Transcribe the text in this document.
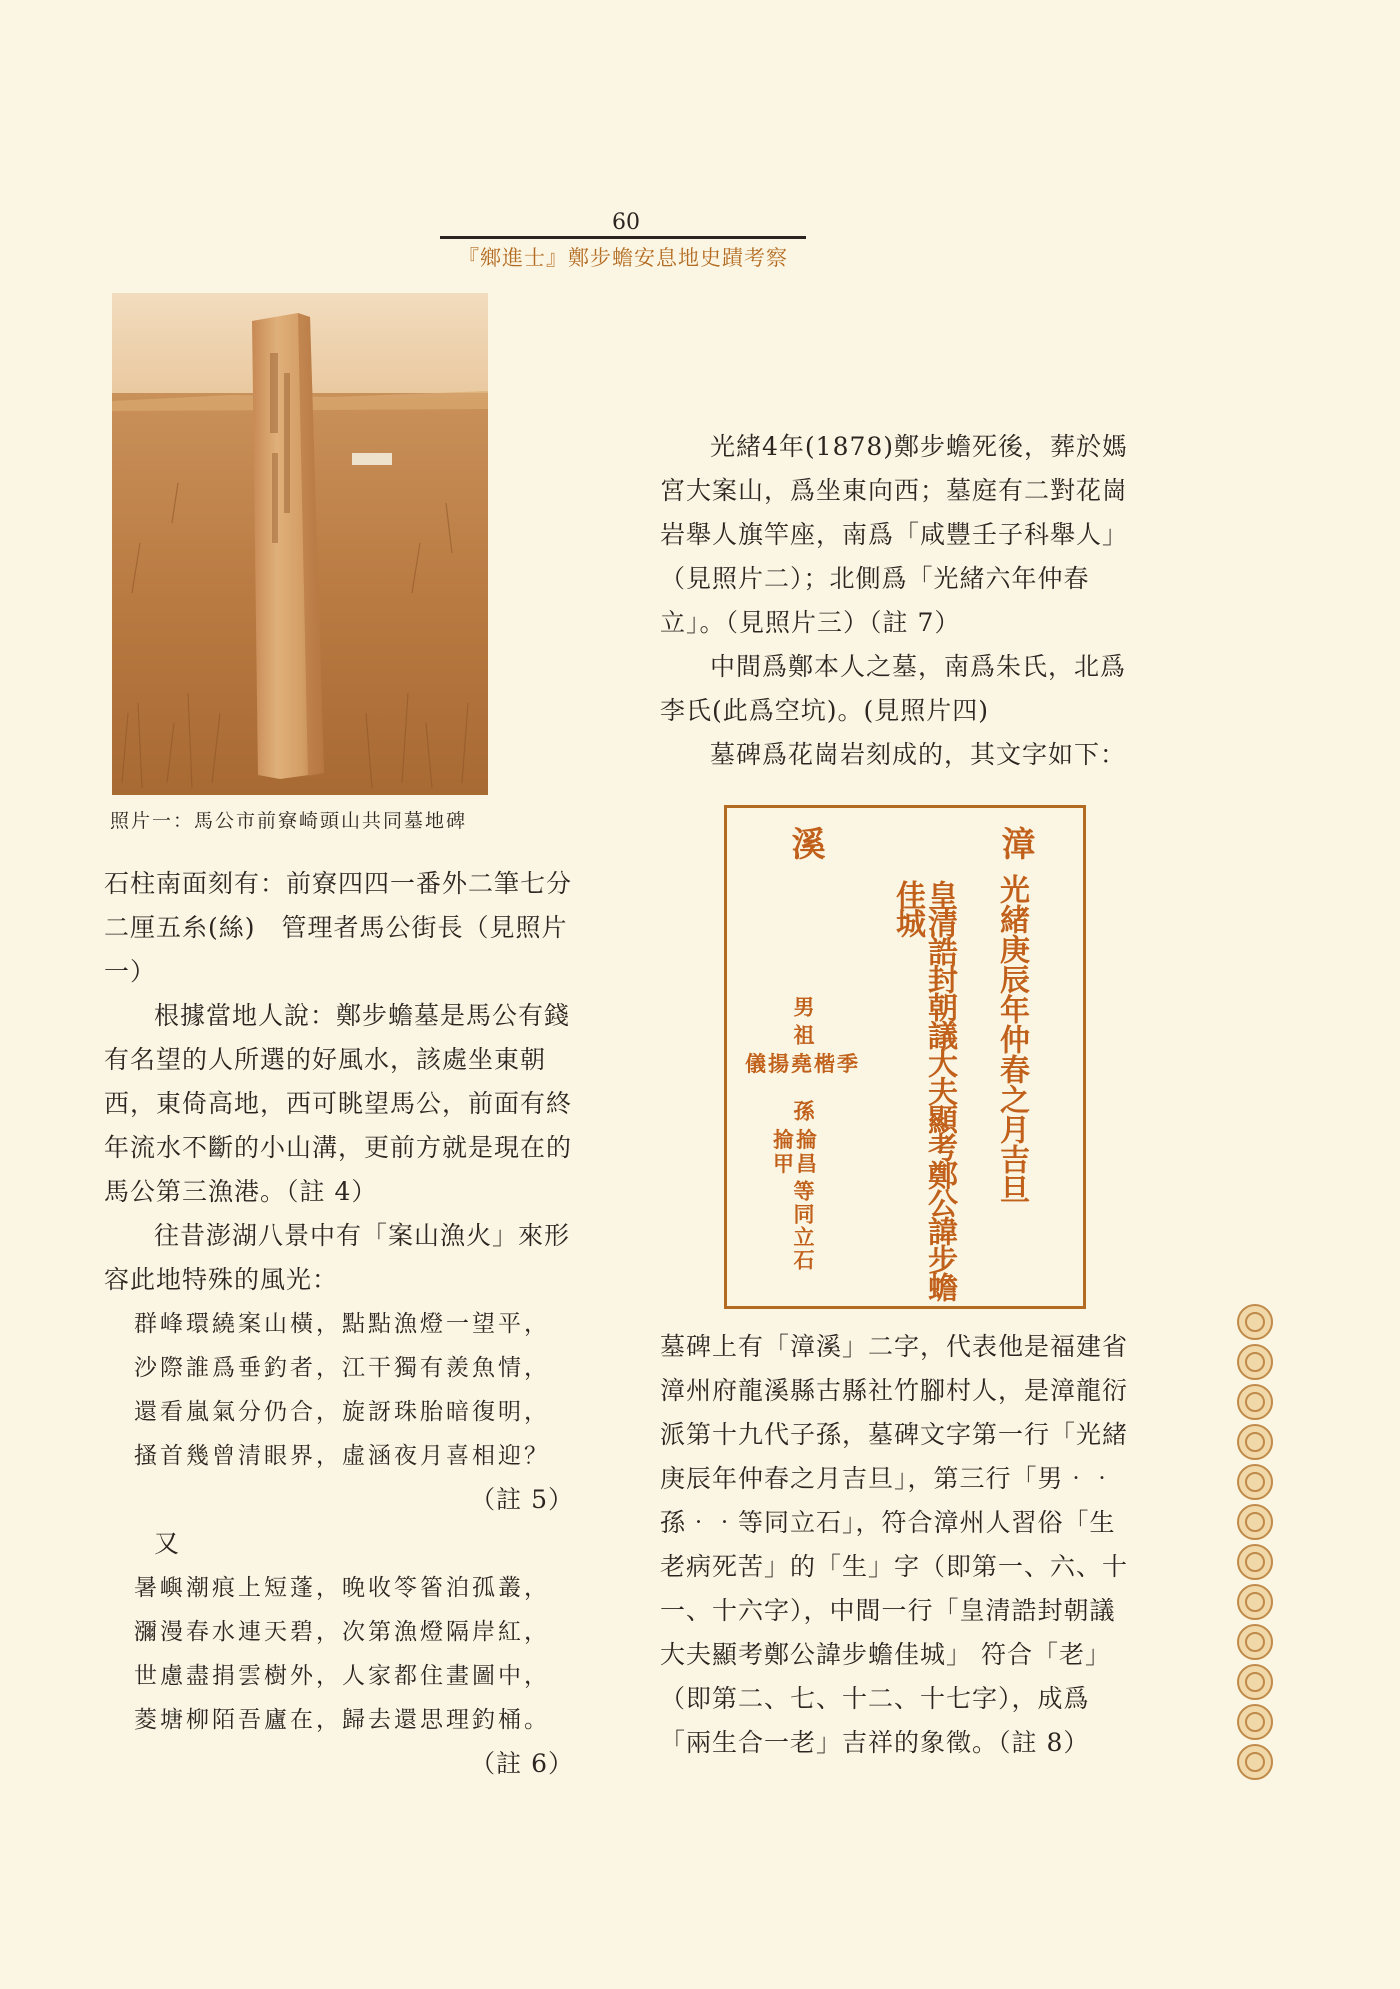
60
『鄉進士』鄭步蟾安息地史蹟考察
照片一：馬公市前寮崎頭山共同墓地碑

石柱南面刻有：前寮四四一番外二筆七分二厘五糸(絲)　管理者馬公街長（見照片一）

根據當地人說：鄭步蟾墓是馬公有錢有名望的人所選的好風水，該處坐東朝西，東倚高地，西可眺望馬公，前面有終年流水不斷的小山溝，更前方就是現在的馬公第三漁港。（註 4）

往昔澎湖八景中有「案山漁火」來形容此地特殊的風光：

群峰環繞案山橫，點點漁燈一望平，
沙際誰爲垂釣者，江干獨有羨魚情，
還看嵐氣分仍合，旋訝珠胎暗復明，
搔首幾曾清眼界，虛涵夜月喜相迎？
（註 5）
又
暑嶼潮痕上短蓬，晚收笭箵泊孤叢，
瀰漫春水連天碧，次第漁燈隔岸紅，
世慮盡捐雲樹外，人家都住畫圖中，
菱塘柳陌吾廬在，歸去還思理釣桶。
（註 6）

光緒4年(1878)鄭步蟾死後，葬於媽宮大案山，爲坐東向西；墓庭有二對花崗岩舉人旗竿座，南爲「咸豐壬子科舉人」（見照片二）；北側爲「光緒六年仲春立」。（見照片三）（註 7）

中間爲鄭本人之墓，南爲朱氏，北爲李氏(此爲空坑)。(見照片四)

墓碑爲花崗岩刻成的，其文字如下：

漳
溪
光緒庚辰年仲春之月吉旦
皇清誥封朝議大夫顯考鄭公諱步蟾佳城
男
祖
儀揚堯楷季
孫
掄掄
甲昌
等同立石

墓碑上有「漳溪」二字，代表他是福建省漳州府龍溪縣古縣社竹腳村人，是漳龍衍派第十九代子孫，墓碑文字第一行「光緒庚辰年仲春之月吉旦」，第三行「男‧‧孫‧‧等同立石」，符合漳州人習俗「生老病死苦」的「生」字（即第一、六、十一、十六字），中間一行「皇清誥封朝議大夫顯考鄭公諱步蟾佳城」 符合「老」（即第二、七、十二、十七字），成爲「兩生合一老」吉祥的象徵。（註 8）
